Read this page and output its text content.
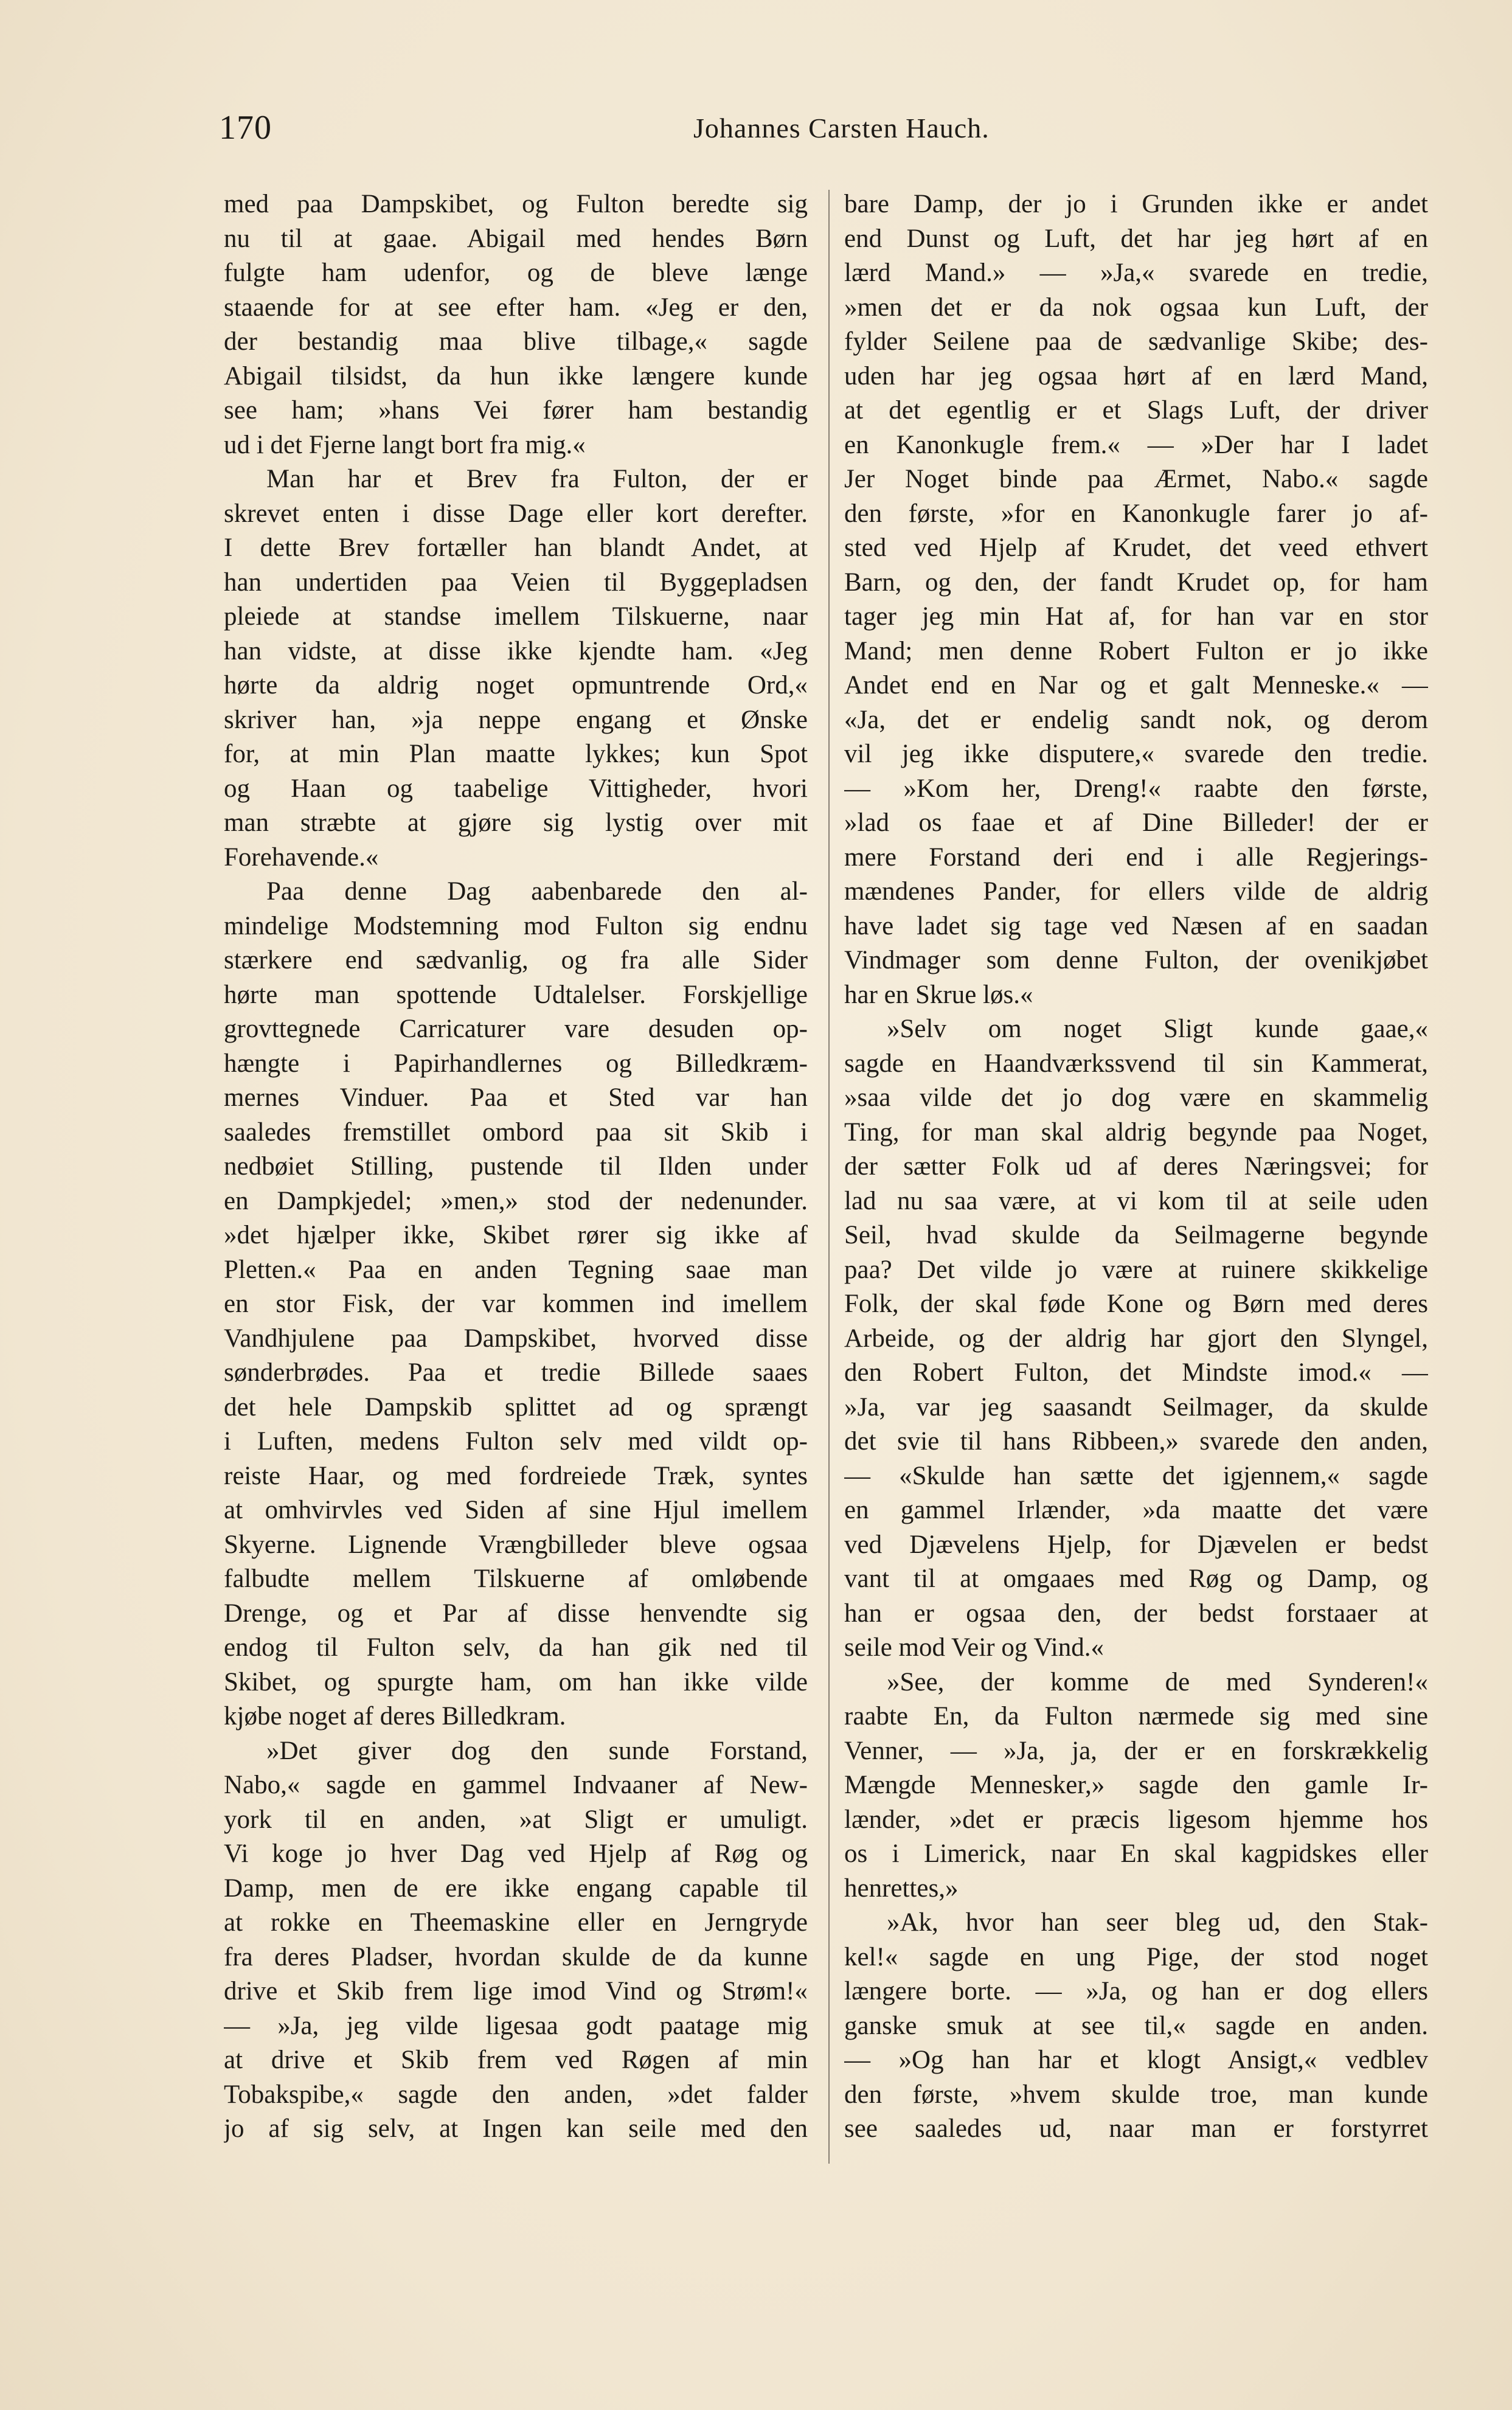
170	Johannes Carsten Hauch.
med paa Dampskibet, og Fulton beredte sig
nu til at gaae. Abigail med hendes Børn
fulgte ham udenfor, og de bleve længe
staaende for at see efter ham. «Jeg er den,
der bestandig maa blive tilbage,« sagde
Abigail tilsidst, da hun ikke længere kunde
see ham; »hans Vei fører ham bestandig
ud i det Fjerne langt bort fra mig.«
Man har et Brev fra Fulton, der er
skrevet enten i disse Dage eller kort derefter.
I dette Brev fortæller han blandt Andet, at
han undertiden paa Veien til Byggepladsen
pleiede at standse imellem Tilskuerne, naar
han vidste, at disse ikke kjendte ham. «Jeg
hørte da aldrig noget opmuntrende Ord,«
skriver han, »ja neppe engang et Ønske
for, at min Plan maatte lykkes; kun Spot
og Haan og taabelige Vittigheder, hvori
man stræbte at gjøre sig lystig over mit
Forehavende.«
Paa denne Dag aabenbarede den al-
mindelige Modstemning mod Fulton sig endnu
stærkere end sædvanlig, og fra alle Sider
hørte man spottende Udtalelser. Forskjellige
grovttegnede Carricaturer vare desuden op-
hængte i Papirhandlernes og Billedkræm-
mernes Vinduer. Paa et Sted var han
saaledes fremstillet ombord paa sit Skib i
nedbøiet Stilling, pustende til Ilden under
en Dampkjedel; »men,» stod der nedenunder.
»det hjælper ikke, Skibet rører sig ikke af
Pletten.« Paa en anden Tegning saae man
en stor Fisk, der var kommen ind imellem
Vandhjulene paa Dampskibet, hvorved disse
sønderbrødes. Paa et tredie Billede saaes
det hele Dampskib splittet ad og sprængt
i Luften, medens Fulton selv med vildt op-
reiste Haar, og med fordreiede Træk, syntes
at omhvirvles ved Siden af sine Hjul imellem
Skyerne. Lignende Vrængbilleder bleve ogsaa
falbudte mellem Tilskuerne af omløbende
Drenge, og et Par af disse henvendte sig
endog til Fulton selv, da han gik ned til
Skibet, og spurgte ham, om han ikke vilde
kjøbe noget af deres Billedkram.
»Det giver dog den sunde Forstand,
Nabo,« sagde en gammel Indvaaner af New-
york til en anden, »at Sligt er umuligt.
Vi koge jo hver Dag ved Hjelp af Røg og
Damp, men de ere ikke engang capable til
at rokke en Theemaskine eller en Jerngryde
fra deres Pladser, hvordan skulde de da kunne
drive et Skib frem lige imod Vind og Strøm!«
— »Ja, jeg vilde ligesaa godt paatage mig
at drive et Skib frem ved Røgen af min
Tobakspibe,« sagde den anden, »det falder
jo af sig selv, at Ingen kan seile med den
bare Damp, der jo i Grunden ikke er andet
end Dunst og Luft, det har jeg hørt af en
lærd Mand.» — »Ja,« svarede en tredie,
»men det er da nok ogsaa kun Luft, der
fylder Seilene paa de sædvanlige Skibe; des-
uden har jeg ogsaa hørt af en lærd Mand,
at det egentlig er et Slags Luft, der driver
en Kanonkugle frem.« — »Der har I ladet
Jer Noget binde paa Ærmet, Nabo.« sagde
den første, »for en Kanonkugle farer jo af-
sted ved Hjelp af Krudet, det veed ethvert
Barn, og den, der fandt Krudet op, for ham
tager jeg min Hat af, for han var en stor
Mand; men denne Robert Fulton er jo ikke
Andet end en Nar og et galt Menneske.« —
«Ja, det er endelig sandt nok, og derom
vil jeg ikke disputere,« svarede den tredie.
— »Kom her, Dreng!« raabte den første,
»lad os faae et af Dine Billeder! der er
mere Forstand deri end i alle Regjerings-
mændenes Pander, for ellers vilde de aldrig
have ladet sig tage ved Næsen af en saadan
Vindmager som denne Fulton, der ovenikjøbet
har en Skrue løs.«
»Selv om noget Sligt kunde gaae,«
sagde en Haandværkssvend til sin Kammerat,
»saa vilde det jo dog være en skammelig
Ting, for man skal aldrig begynde paa Noget,
der sætter Folk ud af deres Næringsvei; for
lad nu saa være, at vi kom til at seile uden
Seil, hvad skulde da Seilmagerne begynde
paa? Det vilde jo være at ruinere skikkelige
Folk, der skal føde Kone og Børn med deres
Arbeide, og der aldrig har gjort den Slyngel,
den Robert Fulton, det Mindste imod.« —
»Ja, var jeg saasandt Seilmager, da skulde
det svie til hans Ribbeen,» svarede den anden,
— «Skulde han sætte det igjennem,« sagde
en gammel Irlænder, »da maatte det være
ved Djævelens Hjelp, for Djævelen er bedst
vant til at omgaaes med Røg og Damp, og
han er ogsaa den, der bedst forstaaer at
seile mod Veir og Vind.«
»See, der komme de med Synderen!«
raabte En, da Fulton nærmede sig med sine
Venner, — »Ja, ja, der er en forskrækkelig
Mængde Mennesker,» sagde den gamle Ir-
lænder, »det er præcis ligesom hjemme hos
os i Limerick, naar En skal kagpidskes eller
henrettes,»
»Ak, hvor han seer bleg ud, den Stak-
kel!« sagde en ung Pige, der stod noget
længere borte. — »Ja, og han er dog ellers
ganske smuk at see til,« sagde en anden.
— »Og han har et klogt Ansigt,« vedblev
den første, »hvem skulde troe, man kunde
see saaledes ud, naar man er forstyrret
